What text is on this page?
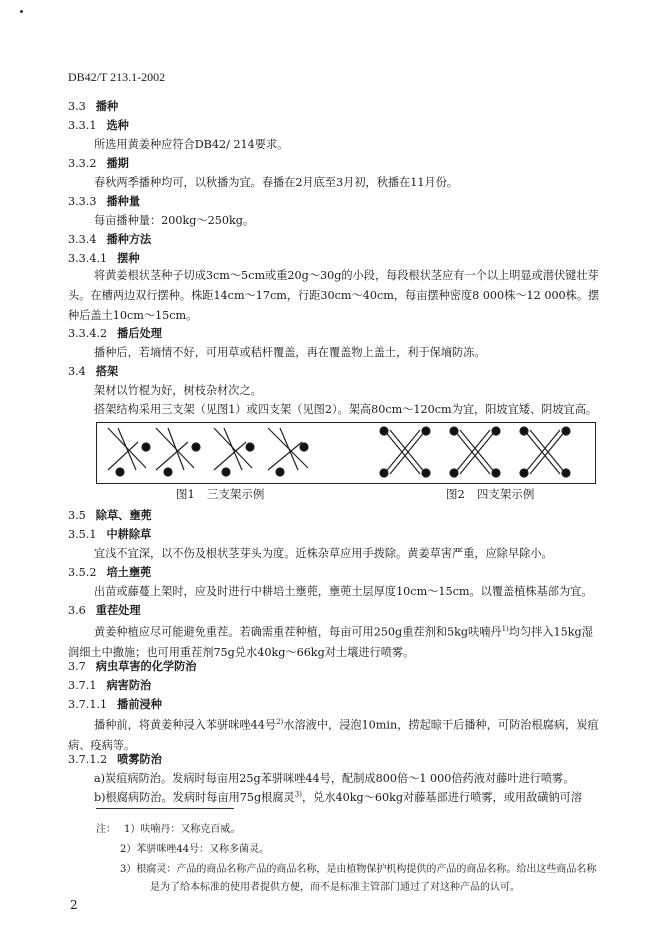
DB42/T 213.1-2002
3.3 播种
3.3.1 选种
所选用黄姜种应符合DB42/ 214要求。
3.3.2 播期
春秋两季播种均可，以秋播为宜。春播在2月底至3月初，秋播在11月份。
3.3.3 播种量
每亩播种量：200kg～250kg。
3.3.4 播种方法
3.3.4.1 摆种
将黄姜根状茎种子切成3cm～5cm或重20g～30g的小段，每段根状茎应有一个以上明显或潜伏键壮芽头。在槽两边双行摆种。株距14cm～17cm，行距30cm～40cm，每亩摆种密度8 000株～12 000株。摆种后盖土10cm～15cm。
3.3.4.2 播后处理
播种后，若墒情不好，可用草或秸杆覆盖，再在覆盖物上盖土，利于保墒防冻。
3.4 搭架
架材以竹棍为好，树枝杂材次之。
搭架结构采用三支架（见图1）或四支架（见图2）。架高80cm～120cm为宜，阳坡宜矮、阴坡宜高。
图1 三支架示例	图2 四支架示例
3.5 除草、壅蔸
3.5.1 中耕除草
宜浅不宜深，以不伤及根状茎芽头为度。近株杂草应用手拨除。黄姜草害严重，应除早除小。
3.5.2 培土壅蔸
出苗或藤蔓上架时，应及时进行中耕培土壅蔸，壅蔸土层厚度10cm～15cm。以覆盖植株基部为宜。
3.6 重茬处理
黄姜种植应尽可能避免重茬。若确需重茬种植，每亩可用250g重茬剂和5kg呋喃丹$^{1)}$均匀拌入15kg湿润细土中撒施；也可用重茬剂75g兑水40kg～66kg对土壤进行喷雾。
3.7 病虫草害的化学防治
3.7.1 病害防治
3.7.1.1 播前浸种
播种前，将黄姜种浸入苯骈咪唑44号$^{2)}$水溶液中，浸泡10min，捞起晾干后播种，可防治根腐病，炭疽病、疫病等。
3.7.1.2 喷雾防治
a)炭疽病防治。发病时每亩用25g苯骈咪唑44号，配制成800倍～1 000倍药液对藤叶进行喷雾。
b)根腐病防治。发病时每亩用75g根腐灵$^{3)}$，兑水40kg～60kg对藤基部进行喷雾，或用敌磺钠可溶
注： 1）呋喃丹：又称克百威。
2）苯骈咪唑44号：又称多菌灵。
3）根腐灵：产品的商品名称产品的商品名称，是由植物保护机构提供的产品的商品名称。给出这些商品名称
是为了给本标准的使用者提供方便，而不是标准主管部门通过了对这种产品的认可。
2
